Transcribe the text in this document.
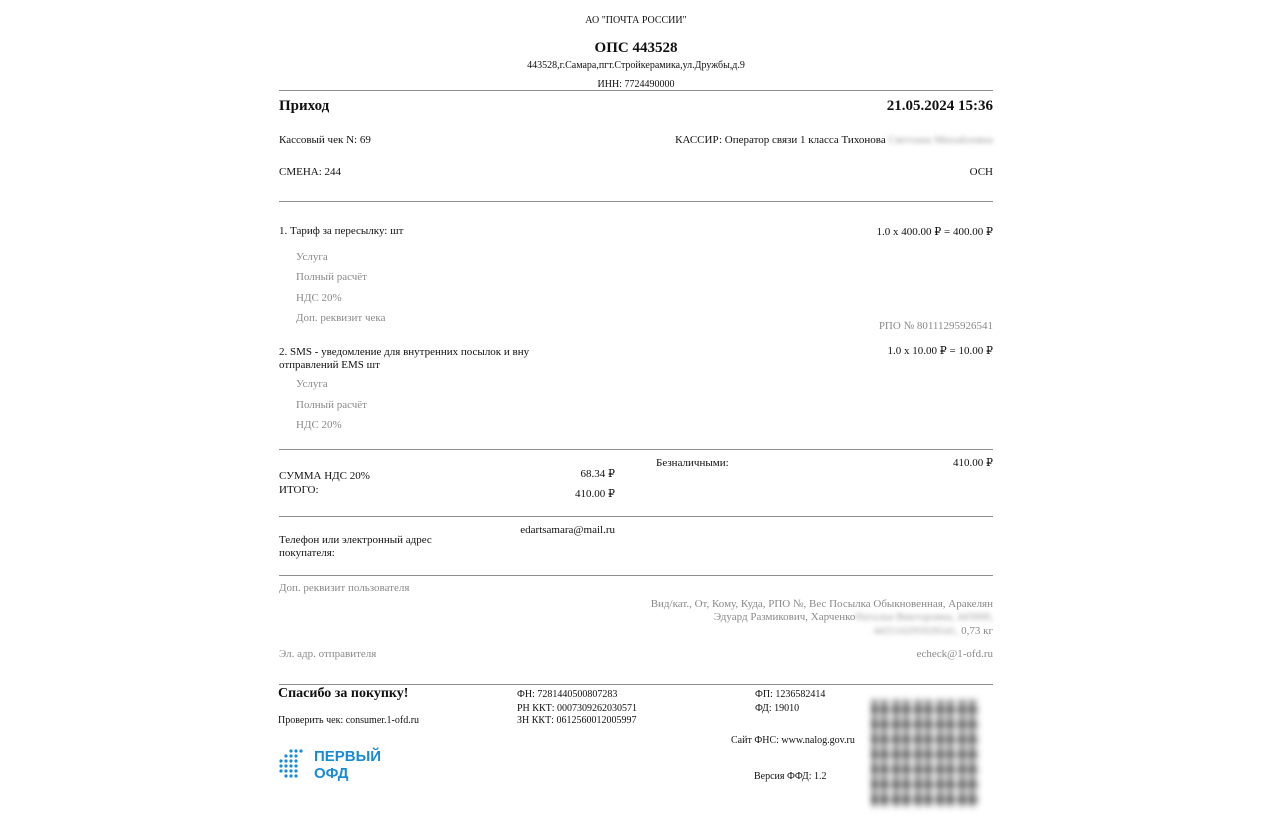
АО "ПОЧТА РОССИИ"
ОПС 443528
443528,г.Самара,пгт.Стройкерамика,ул.Дружбы,д.9
ИНН: 7724490000
Приход	21.05.2024 15:36
Кассовый чек N: 69	КАССИР: Оператор связи 1 класса Тихонова Светлана Михайловна
СМЕНА: 244	ОСН
1. Тариф за пересылку: шт	1.0 x 400.00 ₽ = 400.00 ₽
Услуга
Полный расчёт
НДС 20%
Доп. реквизит чека
РПО № 80111295926541
2. SMS - уведомление для внутренних посылок и вну
отправлений EMS шт
1.0 x 10.00 ₽ = 10.00 ₽
Услуга
Полный расчёт
НДС 20%
СУММА НДС 20%	68.34 ₽
ИТОГО:	410.00 ₽
Безналичными:	410.00 ₽
Телефон или электронный адрес
покупателя:
edartsamara@mail.ru
Доп. реквизит пользователя
Вид/кат., От, Кому, Куда, РПО №, Вес Посылка Обыкновенная, Аракелян
Эдуард Размикович, ХарченкоНаталья Викторовна, 443000,
443110295926541, 0,73 кг
Эл. адр. отправителя	echeck@1-ofd.ru
Спасибо за покупку!
Проверить чек: consumer.1-ofd.ru
ФН: 7281440500807283
РН ККТ: 0007309262030571
ЗН ККТ: 0612560012005997
ФП: 1236582414
ФД: 19010
Сайт ФНС: www.nalog.gov.ru
Версия ФФД: 1.2
ПЕРВЫЙ
ОФД
